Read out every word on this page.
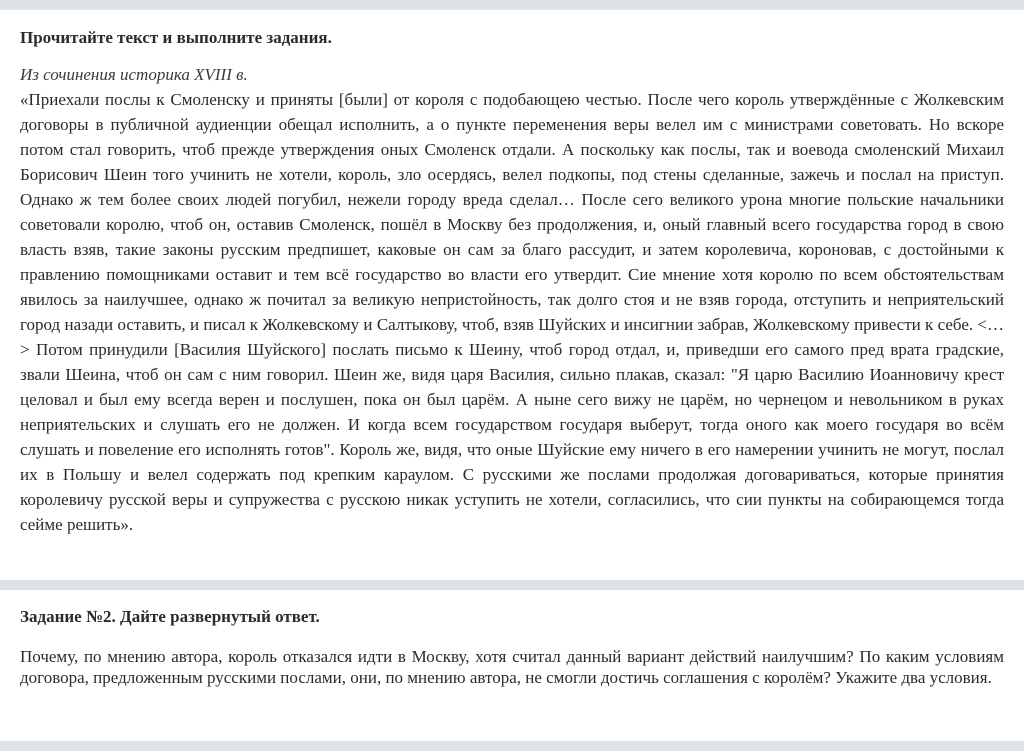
Прочитайте текст и выполните задания.

Из сочинения историка XVIII в.

«Приехали послы к Смоленску и приняты [были] от короля с подобающею честью. После чего король утверждённые с Жолкевским договоры в публичной аудиенции обещал исполнить, а о пункте переменения веры велел им с министрами советовать. Но вскоре потом стал говорить, чтоб прежде утверждения оных Смоленск отдали. А поскольку как послы, так и воевода смоленский Михаил Борисович Шеин того учинить не хотели, король, зло осердясь, велел подкопы, под стены сделанные, зажечь и послал на приступ. Однако ж тем более своих людей погубил, нежели городу вреда сделал… После сего великого урона многие польские начальники советовали королю, чтоб он, оставив Смоленск, пошёл в Москву без продолжения, и, оный главный всего государства город в свою власть взяв, такие законы русским предпишет, каковые он сам за благо рассудит, и затем королевича, короновав, с достойными к правлению помощниками оставит и тем всё государство во власти его утвердит. Сие мнение хотя королю по всем обстоятельствам явилось за наилучшее, однако ж почитал за великую непристойность, так долго стоя и не взяв города, отступить и неприятельский город назади оставить, и писал к Жолкевскому и Салтыкову, чтоб, взяв Шуйских и инсигнии забрав, Жолкевскому привести к себе. <…> Потом принудили [Василия Шуйского] послать письмо к Шеину, чтоб город отдал, и, приведши его самого пред врата градские, звали Шеина, чтоб он сам с ним говорил. Шеин же, видя царя Василия, сильно плакав, сказал: "Я царю Василию Иоанновичу крест целовал и был ему всегда верен и послушен, пока он был царём. А ныне сего вижу не царём, но чернецом и невольником в руках неприятельских и слушать его не должен. И когда всем государством государя выберут, тогда оного как моего государя во всём слушать и повеление его исполнять готов". Король же, видя, что оные Шуйские ему ничего в его намерении учинить не могут, послал их в Польшу и велел содержать под крепким караулом. С русскими же послами продолжая договариваться, которые принятия королевичу русской веры и супружества с русскою никак уступить не хотели, согласились, что сии пункты на собирающемся тогда сейме решить».

Задание №2. Дайте развернутый ответ.

Почему, по мнению автора, король отказался идти в Москву, хотя считал данный вариант действий наилучшим? По каким условиям договора, предложенным русскими послами, они, по мнению автора, не смогли достичь соглашения с королём? Укажите два условия.
